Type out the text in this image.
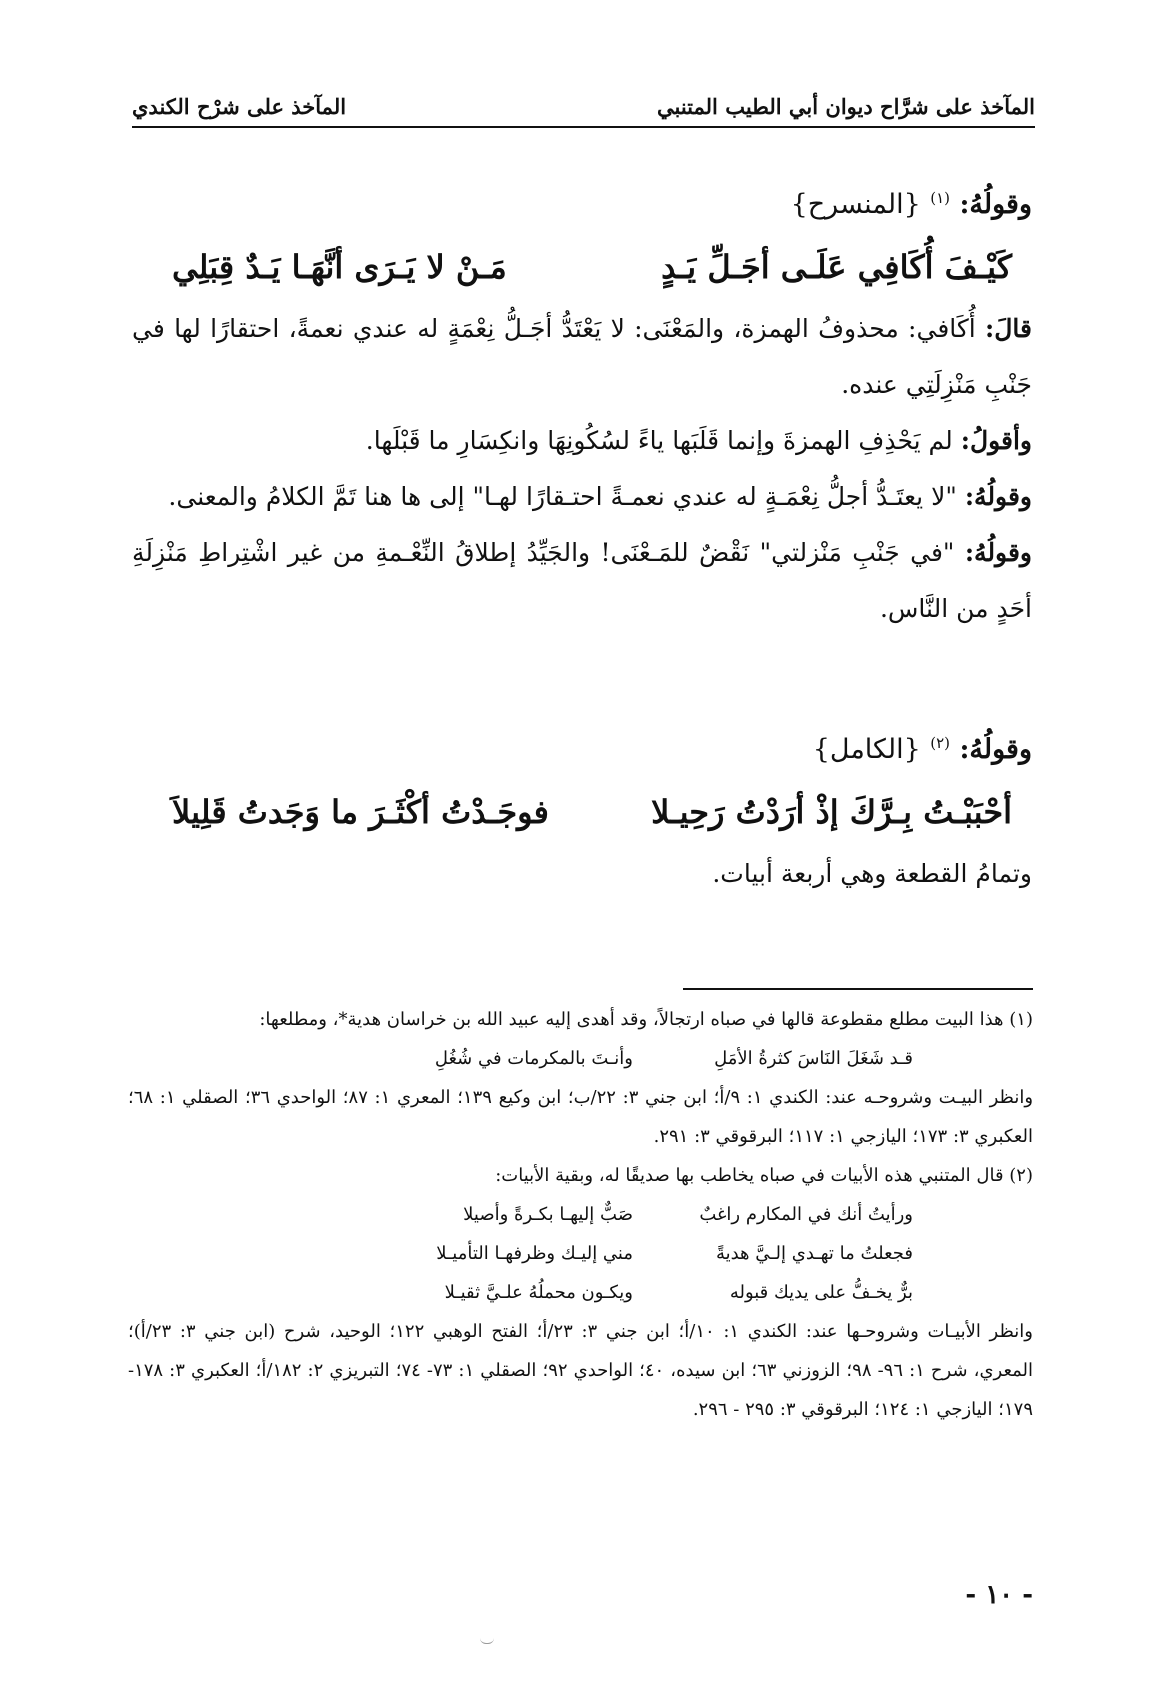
المآخذ على شرَّاح ديوان أبي الطيب المتنبي
المآخذ على شرْح الكندي

وقولُهُ: $^{(١)}$ {المنسرح}

كَيْـفَ أُكَافِي عَلَـى أجَـلِّ يَـدٍ
مَـنْ لا يَـرَى أنَّهَـا يَـدٌ قِبَلِي

قالَ: أُكَافي: محذوفُ الهمزة، والمَعْنَى: لا يَعْتَدُّ أجَـلُّ نِعْمَةٍ له عندي نعمةً، احتقارًا لها في جَنْبِ مَنْزِلَتِي عنده.

وأقولُ: لم يَحْذِفِ الهمزةَ وإنما قَلَبَها ياءً لسُكُونِهَا وانكِسَارِ ما قَبْلَها.

وقولُهُ: "لا يعتَـدُّ أجلُّ نِعْمَـةٍ له عندي نعمـةً احتـقارًا لهـا" إلى ها هنا تَمَّ الكلامُ والمعنى.

وقولُهُ: "في جَنْبِ مَنْزلتي" نَقْضٌ للمَـعْنَى! والجَيِّدُ إطلاقُ النِّعْـمةِ من غير اشْتِراطِ مَنْزِلَةِ أحَدٍ من النَّاس.

وقولُهُ: $^{(٢)}$ {الكامل}

أحْبَبْـتُ بِـرَّكَ إذْ أرَدْتُ رَحِيـلا
فوجَـدْتُ أكْثَـرَ ما وَجَدتُ قَلِيلاَ

وتمامُ القطعة وهي أربعة أبيات.

(١) هذا البيت مطلع مقطوعة قالها في صباه ارتجالاً، وقد أهدى إليه عبيد الله بن خراسان هدية*، ومطلعها:

قـد شَغَلَ النَاسَ كثرةُ الأمَلِ
وأنـتَ بالمكرمات في شُغُلِ

وانظر البيـت وشروحـه عند: الكندي ١: ٩/أ؛ ابن جني ٣: ٢٢/ب؛ ابن وكيع ١٣٩؛ المعري ١: ٨٧؛ الواحدي ٣٦؛ الصقلي ١: ٦٨؛ العكبري ٣: ١٧٣؛ اليازجي ١: ١١٧؛ البرقوقي ٣: ٢٩١.

(٢) قال المتنبي هذه الأبيات في صباه يخاطب بها صديقًا له، وبقية الأبيات:

ورأيتُ أنك في المكارم راغبٌ
صَبٌّ إليهـا بكـرةً وأصيلا
فجعلتُ ما تهـدي إلـيَّ هديةً
مني إليـك وظرفهـا التأميـلا
برٌّ يخـفُّ على يديك قبوله
ويكـون محملُهُ علـيَّ ثقيـلا

وانظر الأبيـات وشروحـها عند: الكندي ١: ١٠/أ؛ ابن جني ٣: ٢٣/أ؛ الفتح الوهبي ١٢٢؛ الوحيد، شرح (ابن جني ٣: ٢٣/أ)؛ المعري، شرح ١: ٩٦- ٩٨؛ الزوزني ٦٣؛ ابن سيده، ٤٠؛ الواحدي ٩٢؛ الصقلي ١: ٧٣- ٧٤؛ التبريزي ٢: ١٨٢/أ؛ العكبري ٣: ١٧٨- ١٧٩؛ اليازجي ١: ١٢٤؛ البرقوقي ٣: ٢٩٥ - ٢٩٦.

- ١٠ -
